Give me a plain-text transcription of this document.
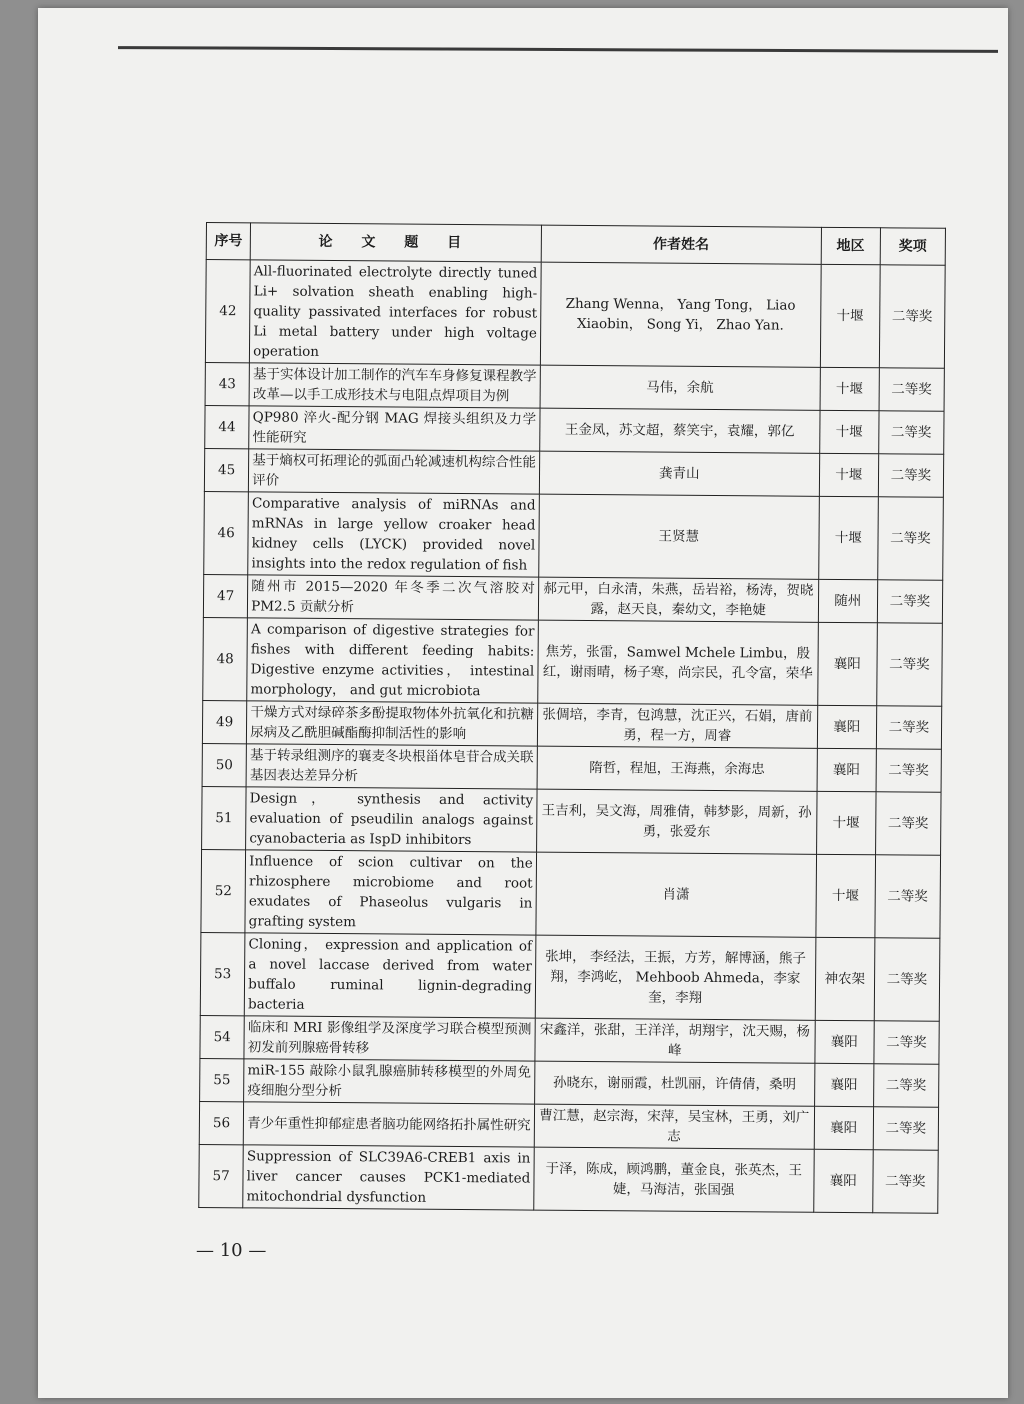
序号	论 文 题 目	作者姓名	地区	奖项
42	All-fluorinated electrolyte directly tuned Li+ solvation sheath enabling high-quality passivated interfaces for robust Li metal battery under high voltage operation	Zhang Wenna， Yang Tong， Liao Xiaobin， Song Yi， Zhao Yan.	十堰	二等奖
43	基于实体设计加工制作的汽车车身修复课程教学改革—以手工成形技术与电阻点焊项目为例	马伟，余航	十堰	二等奖
44	QP980 淬火-配分钢 MAG 焊接头组织及力学性能研究	王金凤，苏文超，蔡笑宇，袁耀，郭亿	十堰	二等奖
45	基于熵权可拓理论的弧面凸轮减速机构综合性能评价	龚青山	十堰	二等奖
46	Comparative analysis of miRNAs and mRNAs in large yellow croaker head kidney cells (LYCK) provided novel insights into the redox regulation of fish	王贤慧	十堰	二等奖
47	随州市 2015—2020 年冬季二次气溶胶对 PM2.5 贡献分析	郝元甲，白永清，朱燕，岳岩裕，杨涛，贺晓露，赵天良，秦幼文，李艳婕	随州	二等奖
48	A comparison of digestive strategies for fishes with different feeding habits: Digestive enzyme activities， intestinal morphology， and gut microbiota	焦芳，张雷，Samwel Mchele Limbu，殷红，谢雨晴，杨子寒，尚宗民，孔令富，荣华	襄阳	二等奖
49	干燥方式对绿碎茶多酚提取物体外抗氧化和抗糖尿病及乙酰胆碱酯酶抑制活性的影响	张倜培，李青，包鸿慧，沈正兴，石娟，唐前勇，程一方，周睿	襄阳	二等奖
50	基于转录组测序的襄麦冬块根甾体皂苷合成关联基因表达差异分析	隋哲，程旭，王海燕，余海忠	襄阳	二等奖
51	Design， synthesis and activity evaluation of pseudilin analogs against cyanobacteria as IspD inhibitors	王吉利，吴文海，周雅倩，韩梦影，周新，孙勇，张爱东	十堰	二等奖
52	Influence of scion cultivar on the rhizosphere microbiome and root exudates of Phaseolus vulgaris in grafting system	肖潇	十堰	二等奖
53	Cloning， expression and application of a novel laccase derived from water buffalo ruminal lignin-degrading bacteria	张坤， 李经法，王振，方芳，解博涵，熊子翔，李鸿屹， Mehboob Ahmeda，李家奎，李翔	神农架	二等奖
54	临床和 MRI 影像组学及深度学习联合模型预测初发前列腺癌骨转移	宋鑫洋，张甜，王洋洋，胡翔宇，沈天赐，杨峰	襄阳	二等奖
55	miR-155 敲除小鼠乳腺癌肺转移模型的外周免疫细胞分型分析	孙晓东，谢丽霞，杜凯丽，许倩倩，桑明	襄阳	二等奖
56	青少年重性抑郁症患者脑功能网络拓扑属性研究	曹江慧，赵宗海，宋萍，吴宝林，王勇，刘广志	襄阳	二等奖
57	Suppression of SLC39A6-CREB1 axis in liver cancer causes PCK1-mediated mitochondrial dysfunction	于泽，陈成，顾鸿鹏，董金良，张英杰，王婕，马海洁，张国强	襄阳	二等奖
— 10 —
